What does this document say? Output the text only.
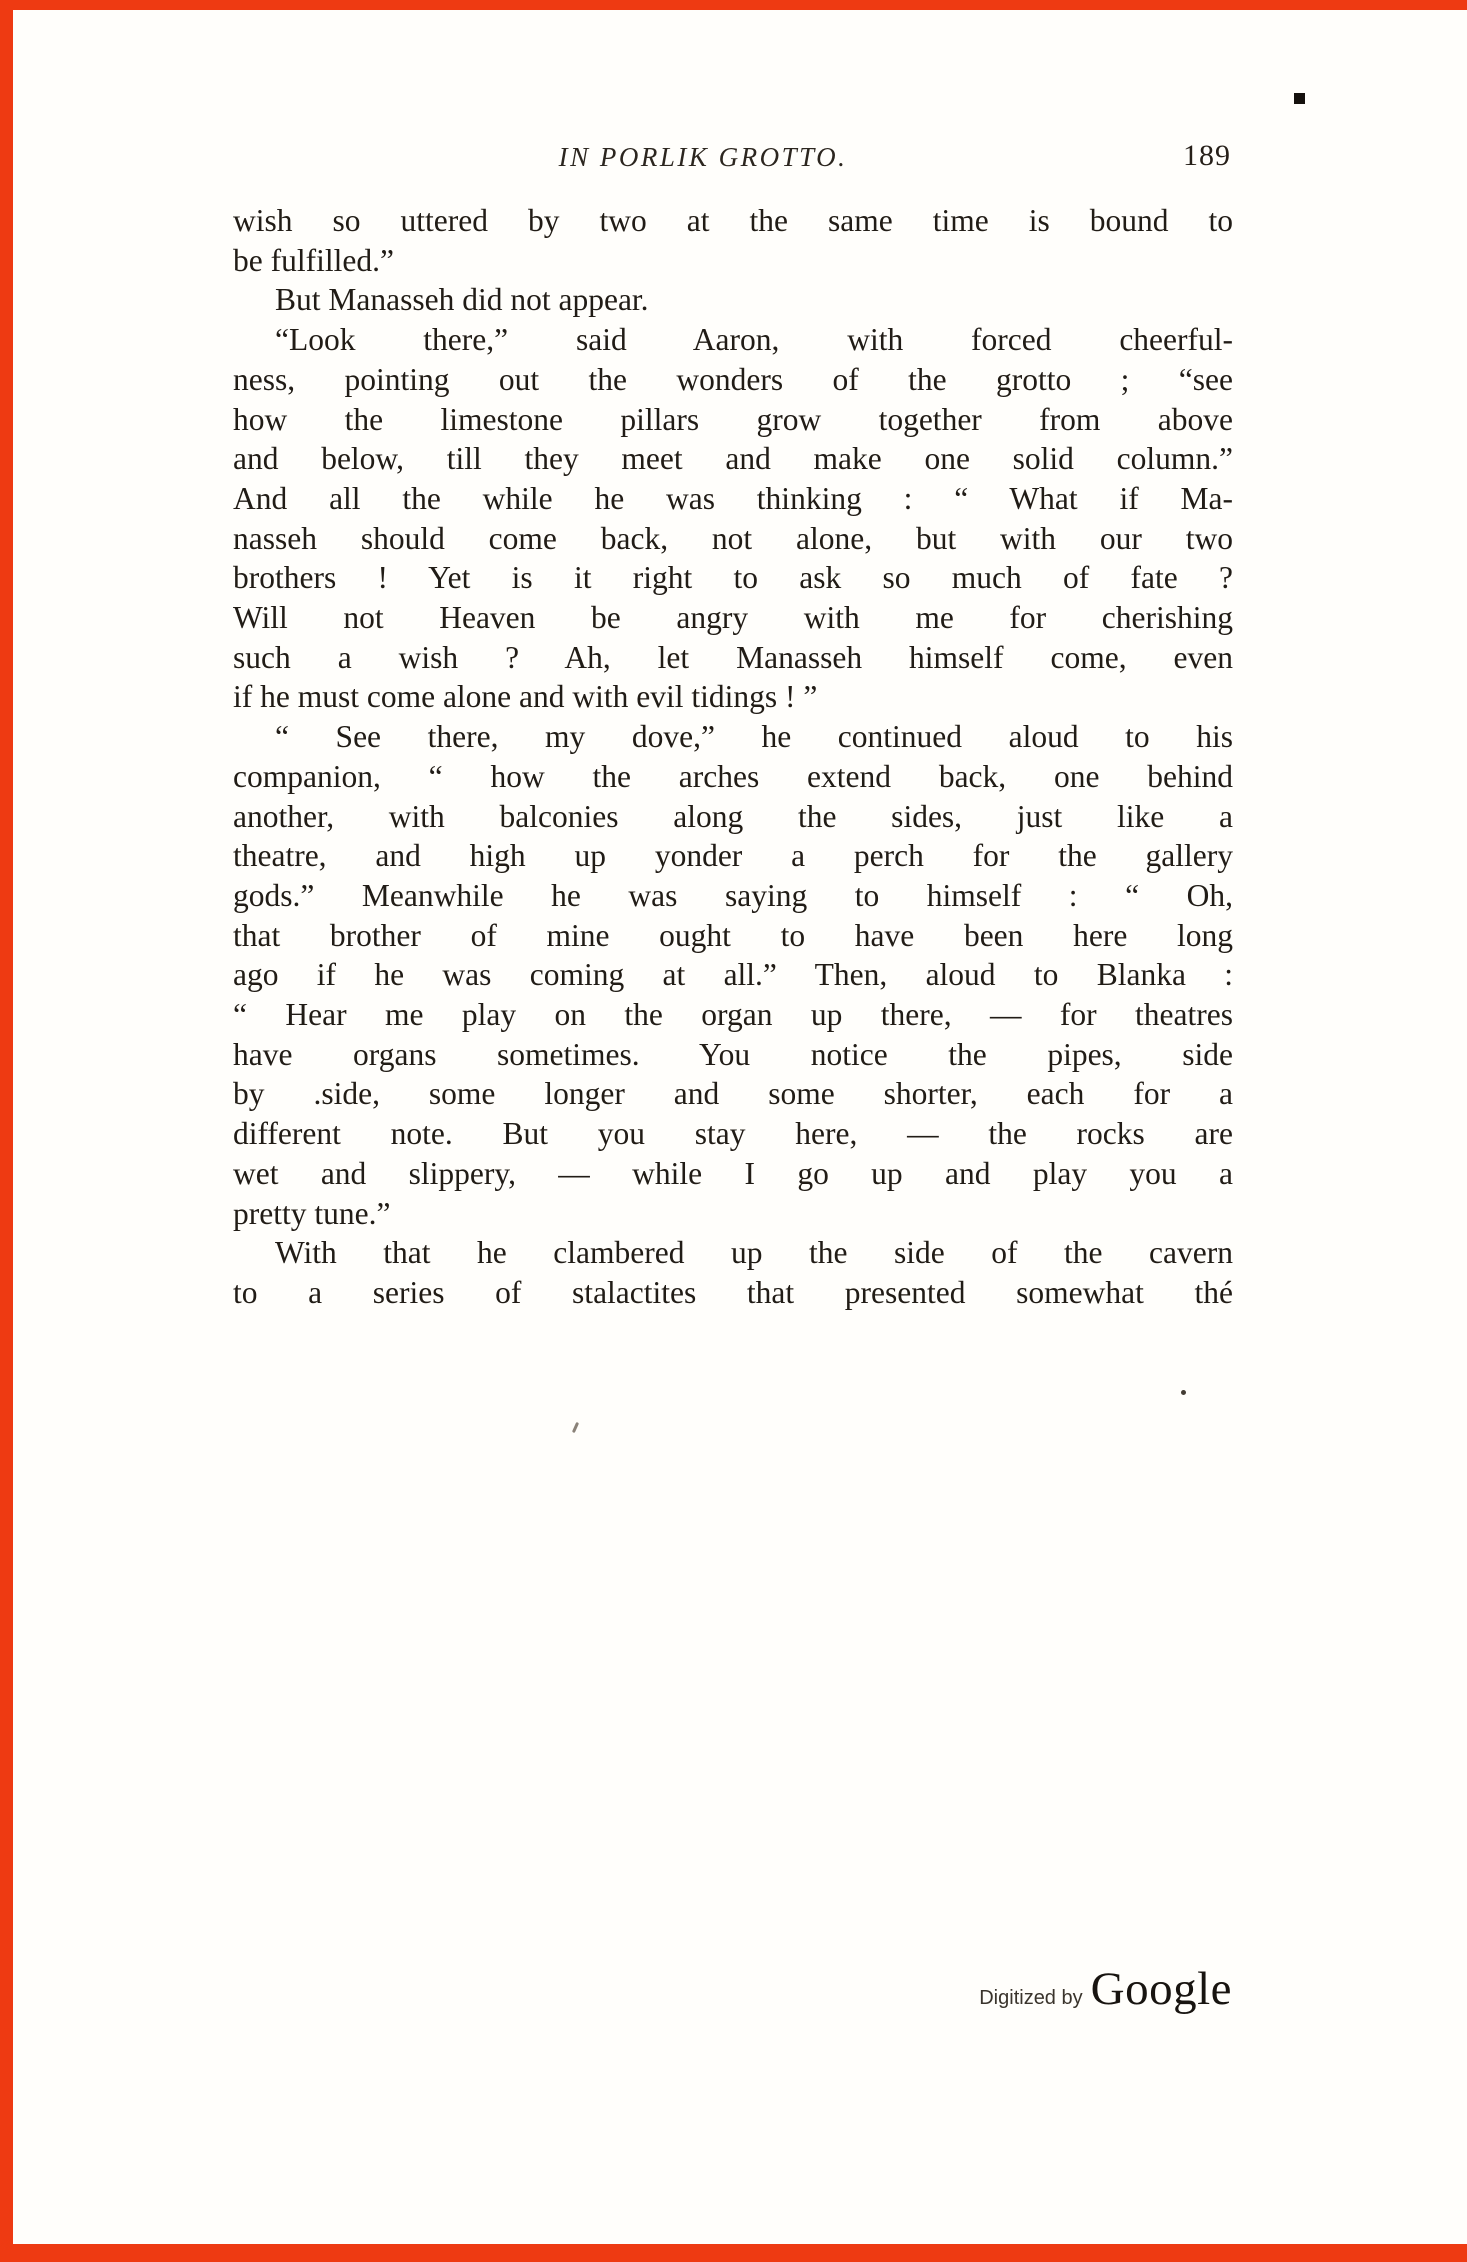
IN PORLIK GROTTO.	189
wish so uttered by two at the same time is bound to
be fulfilled.”
But Manasseh did not appear.
“Look there,” said Aaron, with forced cheerful-
ness, pointing out the wonders of the grotto ; “see
how the limestone pillars grow together from above
and below, till they meet and make one solid column.”
And all the while he was thinking : “ What if Ma-
nasseh should come back, not alone, but with our two
brothers ! Yet is it right to ask so much of fate ?
Will not Heaven be angry with me for cherishing
such a wish ? Ah, let Manasseh himself come, even
if he must come alone and with evil tidings ! ”
“ See there, my dove,” he continued aloud to his
companion, “ how the arches extend back, one behind
another, with balconies along the sides, just like a
theatre, and high up yonder a perch for the gallery
gods.” Meanwhile he was saying to himself : “ Oh,
that brother of mine ought to have been here long
ago if he was coming at all.” Then, aloud to Blanka :
“ Hear me play on the organ up there, — for theatres
have organs sometimes. You notice the pipes, side
by .side, some longer and some shorter, each for a
different note. But you stay here, — the rocks are
wet and slippery, — while I go up and play you a
pretty tune.”
With that he clambered up the side of the cavern
to a series of stalactites that presented somewhat thé
Digitized by Google
